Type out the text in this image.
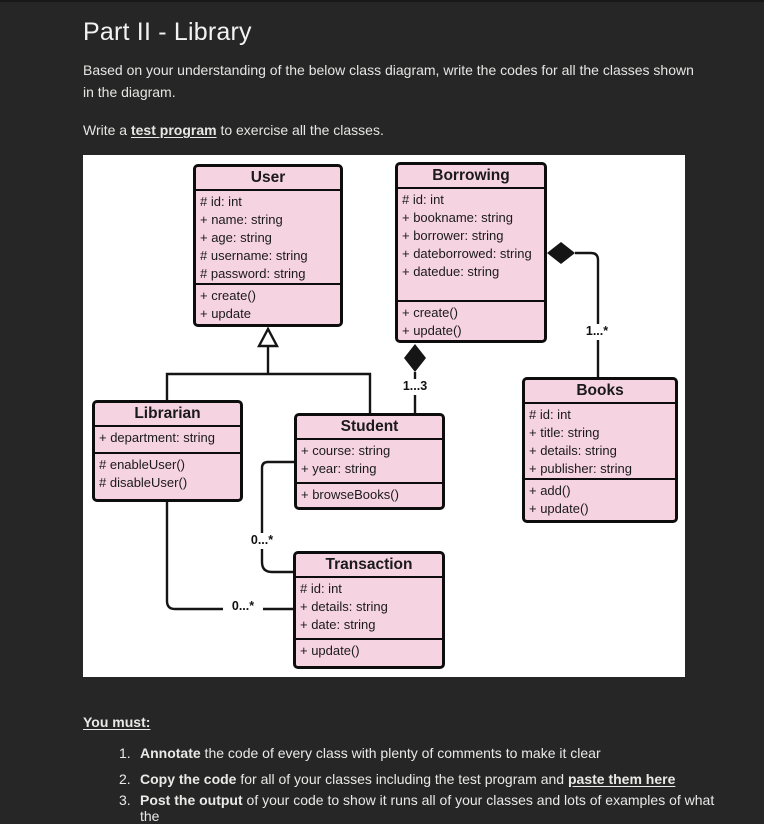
Part II - Library

Based on your understanding of the below class diagram, write the codes for all the classes shown in the diagram.

Write a test program to exercise all the classes.

User
# id: int
+ name: string
+ age: string
# username: string
# password: string
+ create()
+ update
Borrowing
# id: int
+ bookname: string
+ borrower: string
+ dateborrowed: string
+ datedue: string
+ create()
+ update()
Books
# id: int
+ title: string
+ details: string
+ publisher: string
+ add()
+ update()
Librarian
+ department: string
# enableUser()
# disableUser()
Student
+ course: string
+ year: string
+ browseBooks()
Transaction
# id: int
+ details: string
+ date: string
+ update()
1...*
1...3
0...*
0...*
You must:
1. Annotate the code of every class with plenty of comments to make it clear
2. Copy the code for all of your classes including the test program and paste them here
3. Post the output of your code to show it runs all of your classes and lots of examples of what the
